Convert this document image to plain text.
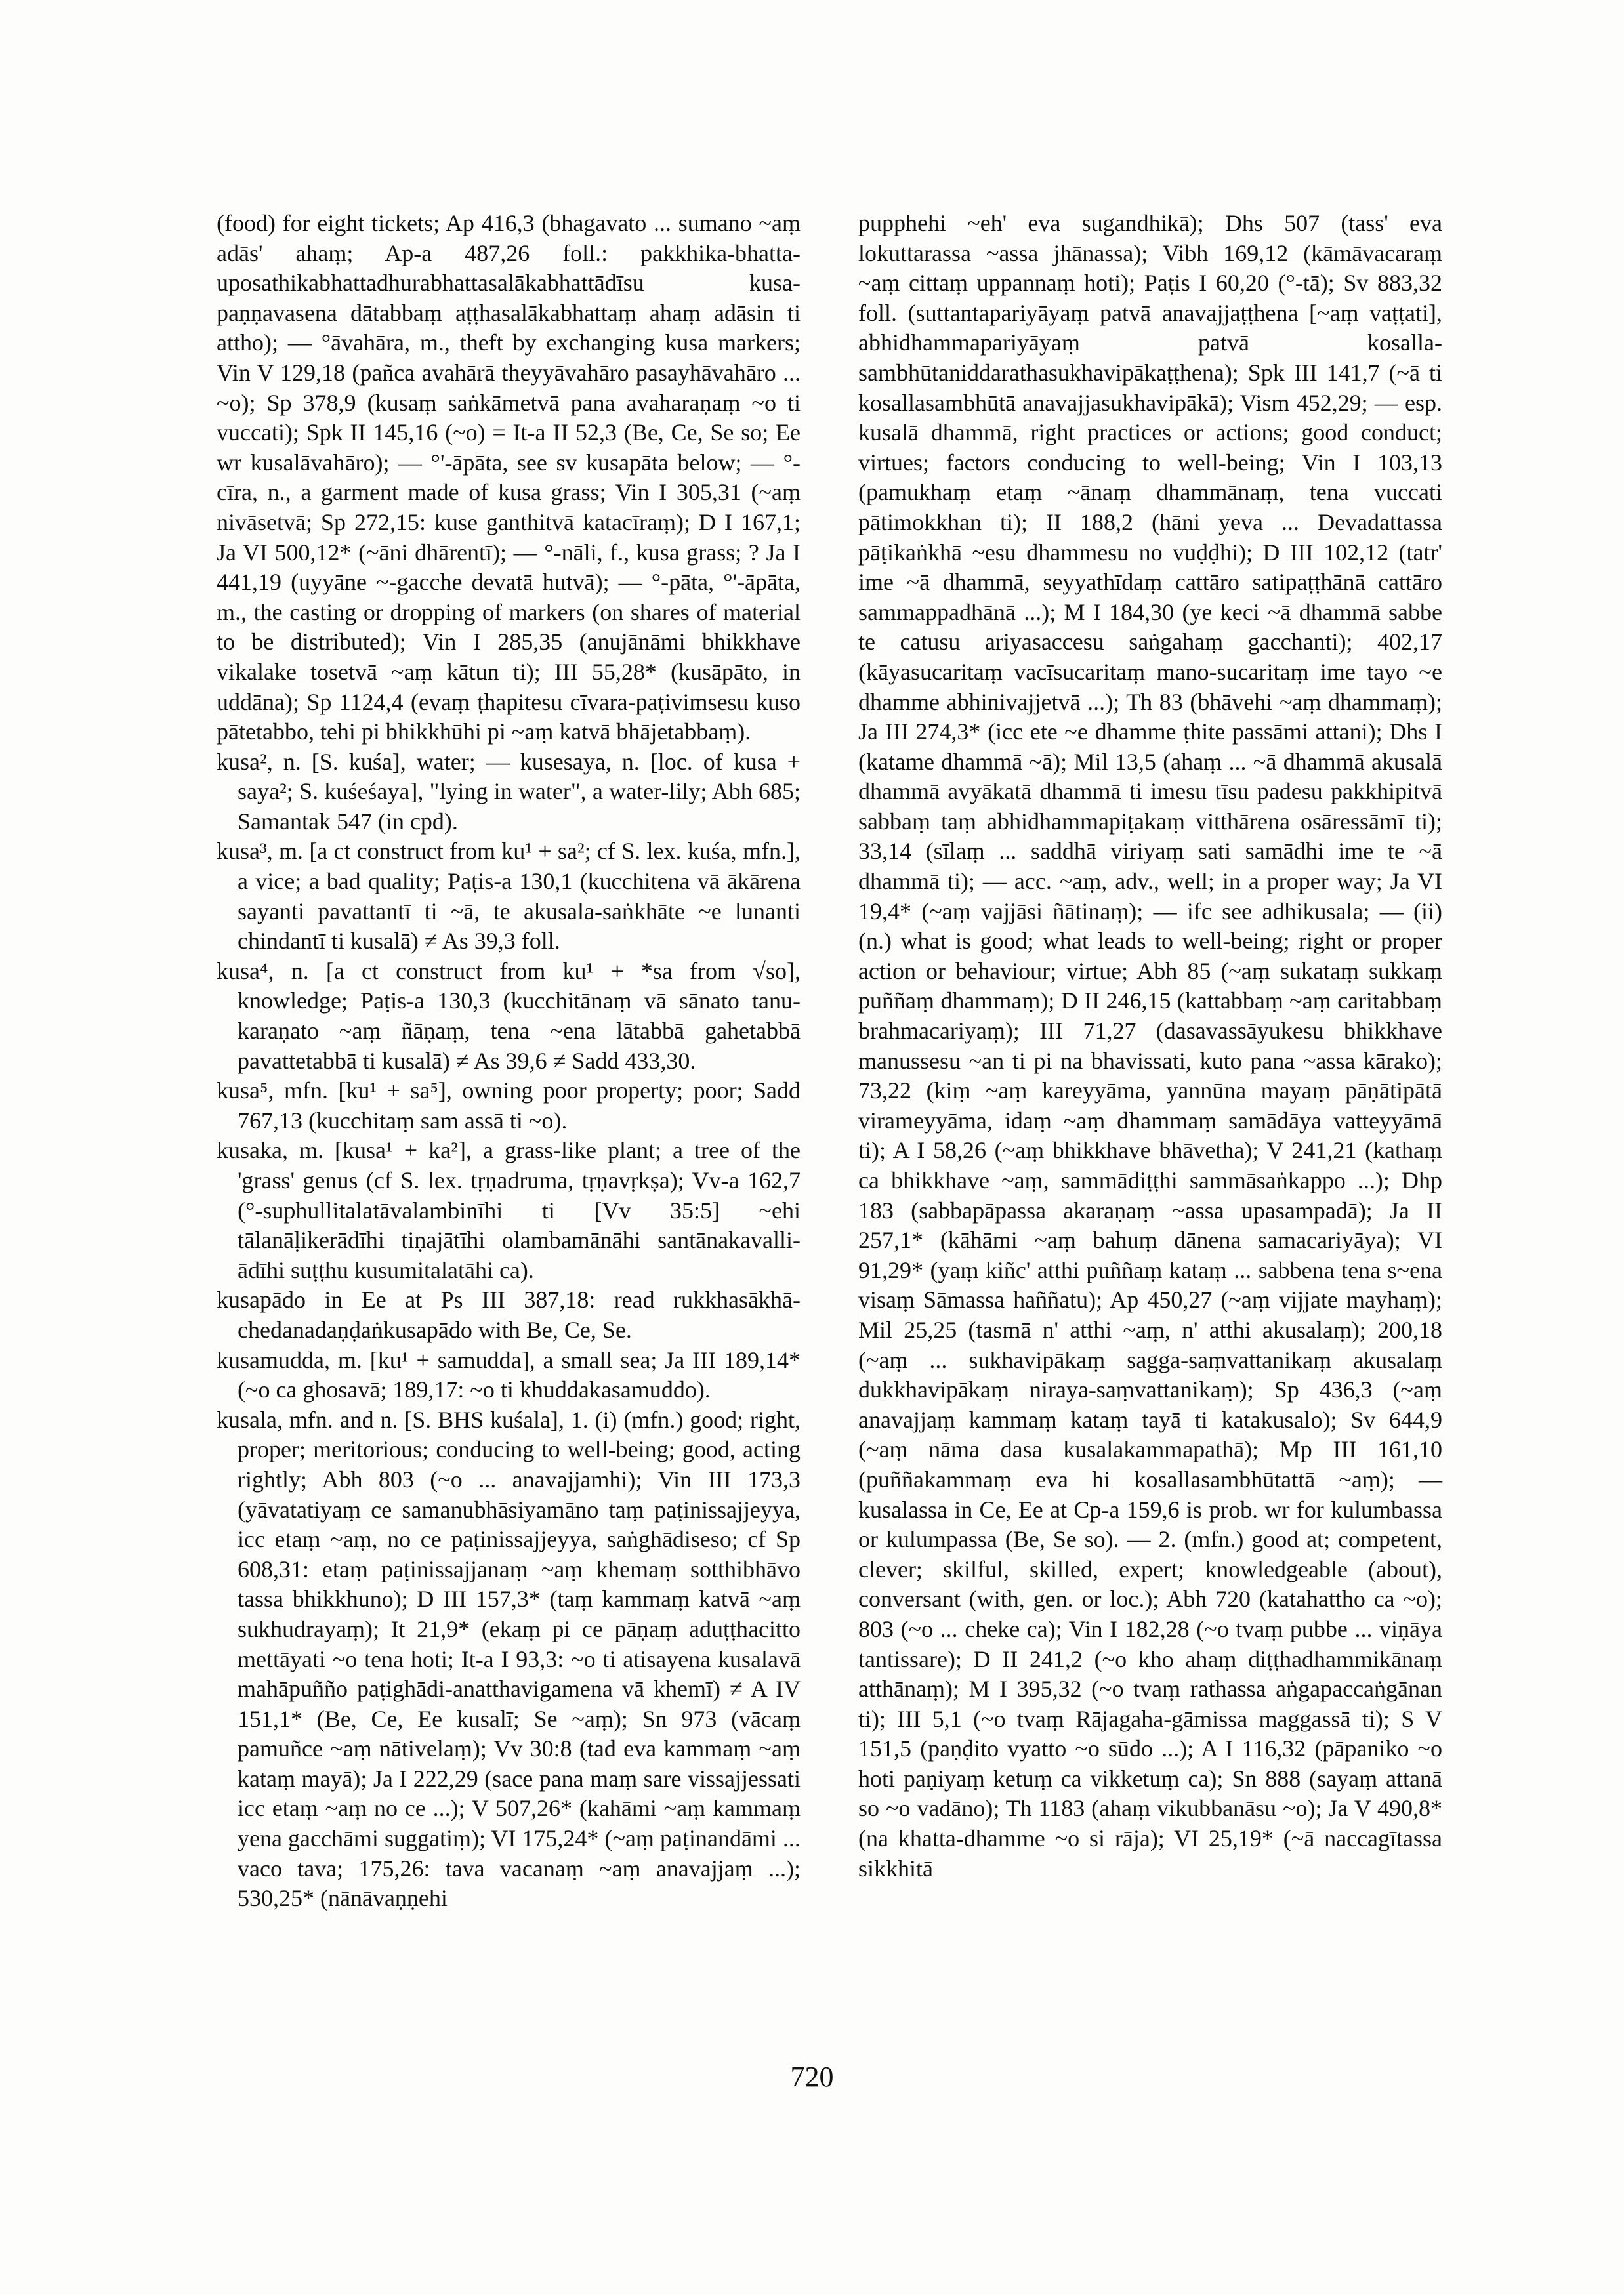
(food) for eight tickets; Ap 416,3 (bhagavato ... sumano ~aṃ adās' ahaṃ; Ap-a 487,26 foll.: pakkhika-bhatta-uposathikabhattadhurabhattasalākabhattādīsu kusa-paṇṇavasena dātabbaṃ aṭṭhasalākabhattaṃ ahaṃ adāsin ti attho); — °āvahāra, m., theft by exchanging kusa markers; Vin V 129,18 (pañca avahārā theyyāvahāro pasayhāvahāro ... ~o); Sp 378,9 (kusaṃ saṅkāmetvā pana avaharaṇaṃ ~o ti vuccati); Spk II 145,16 (~o) = It-a II 52,3 (Be, Ce, Se so; Ee wr kusalāvahāro); — °'-āpāta, see sv kusapāta below; — °-cīra, n., a garment made of kusa grass; Vin I 305,31 (~aṃ nivāsetvā; Sp 272,15: kuse ganthitvā katacīraṃ); D I 167,1; Ja VI 500,12* (~āni dhārentī); — °-nāli, f., kusa grass; ? Ja I 441,19 (uyyāne ~-gacche devatā hutvā); — °-pāta, °'-āpāta, m., the casting or dropping of markers (on shares of material to be distributed); Vin I 285,35 (anujānāmi bhikkhave vikalake tosetvā ~aṃ kātun ti); III 55,28* (kusāpāto, in uddāna); Sp 1124,4 (evaṃ ṭhapitesu cīvara-paṭivimsesu kuso pātetabbo, tehi pi bhikkhūhi pi ~aṃ katvā bhājetabbaṃ).

kusa², n. [S. kuśa], water; — kusesaya, n. [loc. of kusa + saya²; S. kuśeśaya], "lying in water", a water-lily; Abh 685; Samantak 547 (in cpd).

kusa³, m. [a ct construct from ku¹ + sa²; cf S. lex. kuśa, mfn.], a vice; a bad quality; Paṭis-a 130,1 (kucchitena vā ākārena sayanti pavattantī ti ~ā, te akusala-saṅkhāte ~e lunanti chindantī ti kusalā) ≠ As 39,3 foll.

kusa⁴, n. [a ct construct from ku¹ + *sa from √so], knowledge; Paṭis-a 130,3 (kucchitānaṃ vā sānato tanu-karaṇato ~aṃ ñāṇaṃ, tena ~ena lātabbā gahetabbā pavattetabbā ti kusalā) ≠ As 39,6 ≠ Sadd 433,30.

kusa⁵, mfn. [ku¹ + sa⁵], owning poor property; poor; Sadd 767,13 (kucchitaṃ sam assā ti ~o).

kusaka, m. [kusa¹ + ka²], a grass-like plant; a tree of the 'grass' genus (cf S. lex. tṛṇadruma, tṛṇavṛkṣa); Vv-a 162,7 (°-suphullitalatāvalambinīhi ti [Vv 35:5] ~ehi tālanāḷikerādīhi tiṇajātīhi olambamānāhi santānakavalli-ādīhi suṭṭhu kusumitalatāhi ca).

kusapādo in Ee at Ps III 387,18: read rukkhasākhā-chedanadaṇḍaṅkusapādo with Be, Ce, Se.

kusamudda, m. [ku¹ + samudda], a small sea; Ja III 189,14* (~o ca ghosavā; 189,17: ~o ti khuddakasamuddo).

kusala, mfn. and n. [S. BHS kuśala], 1. (i) (mfn.) good; right, proper; meritorious; conducing to well-being; good, acting rightly; Abh 803 (~o ... anavajjamhi); Vin III 173,3 (yāvatatiyaṃ ce samanubhāsiyamāno taṃ paṭinissajjeyya, icc etaṃ ~aṃ, no ce paṭinissajjeyya, saṅghādiseso; cf Sp 608,31: etaṃ paṭinissajjanaṃ ~aṃ khemaṃ sotthibhāvo tassa bhikkhuno); D III 157,3* (taṃ kammaṃ katvā ~aṃ sukhudrayaṃ); It 21,9* (ekaṃ pi ce pāṇaṃ aduṭṭhacitto mettāyati ~o tena hoti; It-a I 93,3: ~o ti atisayena kusalavā mahāpuñño paṭighādi-anatthavigamena vā khemī) ≠ A IV 151,1* (Be, Ce, Ee kusalī; Se ~aṃ); Sn 973 (vācaṃ pamuñce ~aṃ nātivelaṃ); Vv 30:8 (tad eva kammaṃ ~aṃ kataṃ mayā); Ja I 222,29 (sace pana maṃ sare vissajjessati icc etaṃ ~aṃ no ce ...); V 507,26* (kahāmi ~aṃ kammaṃ yena gacchāmi suggatiṃ); VI 175,24* (~aṃ paṭinandāmi ... vaco tava; 175,26: tava vacanaṃ ~aṃ anavajjaṃ ...); 530,25* (nānāvaṇṇehi

pupphehi ~eh' eva sugandhikā); Dhs 507 (tass' eva lokuttarassa ~assa jhānassa); Vibh 169,12 (kāmāvacaraṃ ~aṃ cittaṃ uppannaṃ hoti); Paṭis I 60,20 (°-tā); Sv 883,32 foll. (suttantapariyāyaṃ patvā anavajjaṭṭhena [~aṃ vaṭṭati], abhidhammapariyāyaṃ patvā kosalla-sambhūtaniddarathasukhavipākaṭṭhena); Spk III 141,7 (~ā ti kosallasambhūtā anavajjasukhavipākā); Vism 452,29; — esp. kusalā dhammā, right practices or actions; good conduct; virtues; factors conducing to well-being; Vin I 103,13 (pamukhaṃ etaṃ ~ānaṃ dhammānaṃ, tena vuccati pātimokkhan ti); II 188,2 (hāni yeva ... Devadattassa pāṭikaṅkhā ~esu dhammesu no vuḍḍhi); D III 102,12 (tatr' ime ~ā dhammā, seyyathīdaṃ cattāro satipaṭṭhānā cattāro sammappadhānā ...); M I 184,30 (ye keci ~ā dhammā sabbe te catusu ariyasaccesu saṅgahaṃ gacchanti); 402,17 (kāyasucaritaṃ vacīsucaritaṃ mano-sucaritaṃ ime tayo ~e dhamme abhinivajjetvā ...); Th 83 (bhāvehi ~aṃ dhammaṃ); Ja III 274,3* (icc ete ~e dhamme ṭhite passāmi attani); Dhs I (katame dhammā ~ā); Mil 13,5 (ahaṃ ... ~ā dhammā akusalā dhammā avyākatā dhammā ti imesu tīsu padesu pakkhipitvā sabbaṃ taṃ abhidhammapiṭakaṃ vitthārena osāressāmī ti); 33,14 (sīlaṃ ... saddhā viriyaṃ sati samādhi ime te ~ā dhammā ti); — acc. ~aṃ, adv., well; in a proper way; Ja VI 19,4* (~aṃ vajjāsi ñātinaṃ); — ifc see adhikusala; — (ii) (n.) what is good; what leads to well-being; right or proper action or behaviour; virtue; Abh 85 (~aṃ sukataṃ sukkaṃ puññaṃ dhammaṃ); D II 246,15 (kattabbaṃ ~aṃ caritabbaṃ brahmacariyaṃ); III 71,27 (dasavassāyukesu bhikkhave manussesu ~an ti pi na bhavissati, kuto pana ~assa kārako); 73,22 (kiṃ ~aṃ kareyyāma, yannūna mayaṃ pāṇātipātā virameyyāma, idaṃ ~aṃ dhammaṃ samādāya vatteyyāmā ti); A I 58,26 (~aṃ bhikkhave bhāvetha); V 241,21 (kathaṃ ca bhikkhave ~aṃ, sammādiṭṭhi sammāsaṅkappo ...); Dhp 183 (sabbapāpassa akaraṇaṃ ~assa upasampadā); Ja II 257,1* (kāhāmi ~aṃ bahuṃ dānena samacariyāya); VI 91,29* (yaṃ kiñc' atthi puññaṃ kataṃ ... sabbena tena s~ena visaṃ Sāmassa haññatu); Ap 450,27 (~aṃ vijjate mayhaṃ); Mil 25,25 (tasmā n' atthi ~aṃ, n' atthi akusalaṃ); 200,18 (~aṃ ... sukhavipākaṃ sagga-saṃvattanikaṃ akusalaṃ dukkhavipākaṃ niraya-saṃvattanikaṃ); Sp 436,3 (~aṃ anavajjaṃ kammaṃ kataṃ tayā ti katakusalo); Sv 644,9 (~aṃ nāma dasa kusalakammapathā); Mp III 161,10 (puññakammaṃ eva hi kosallasambhūtattā ~aṃ); — kusalassa in Ce, Ee at Cp-a 159,6 is prob. wr for kulumbassa or kulumpassa (Be, Se so). — 2. (mfn.) good at; competent, clever; skilful, skilled, expert; knowledgeable (about), conversant (with, gen. or loc.); Abh 720 (katahattho ca ~o); 803 (~o ... cheke ca); Vin I 182,28 (~o tvaṃ pubbe ... viṇāya tantissare); D II 241,2 (~o kho ahaṃ diṭṭhadhammikānaṃ atthānaṃ); M I 395,32 (~o tvaṃ rathassa aṅgapaccaṅgānan ti); III 5,1 (~o tvaṃ Rājagaha-gāmissa maggassā ti); S V 151,5 (paṇḍito vyatto ~o sūdo ...); A I 116,32 (pāpaniko ~o hoti paṇiyaṃ ketuṃ ca vikketuṃ ca); Sn 888 (sayaṃ attanā so ~o vadāno); Th 1183 (ahaṃ vikubbanāsu ~o); Ja V 490,8* (na khatta-dhamme ~o si rāja); VI 25,19* (~ā naccagītassa sikkhitā

720
